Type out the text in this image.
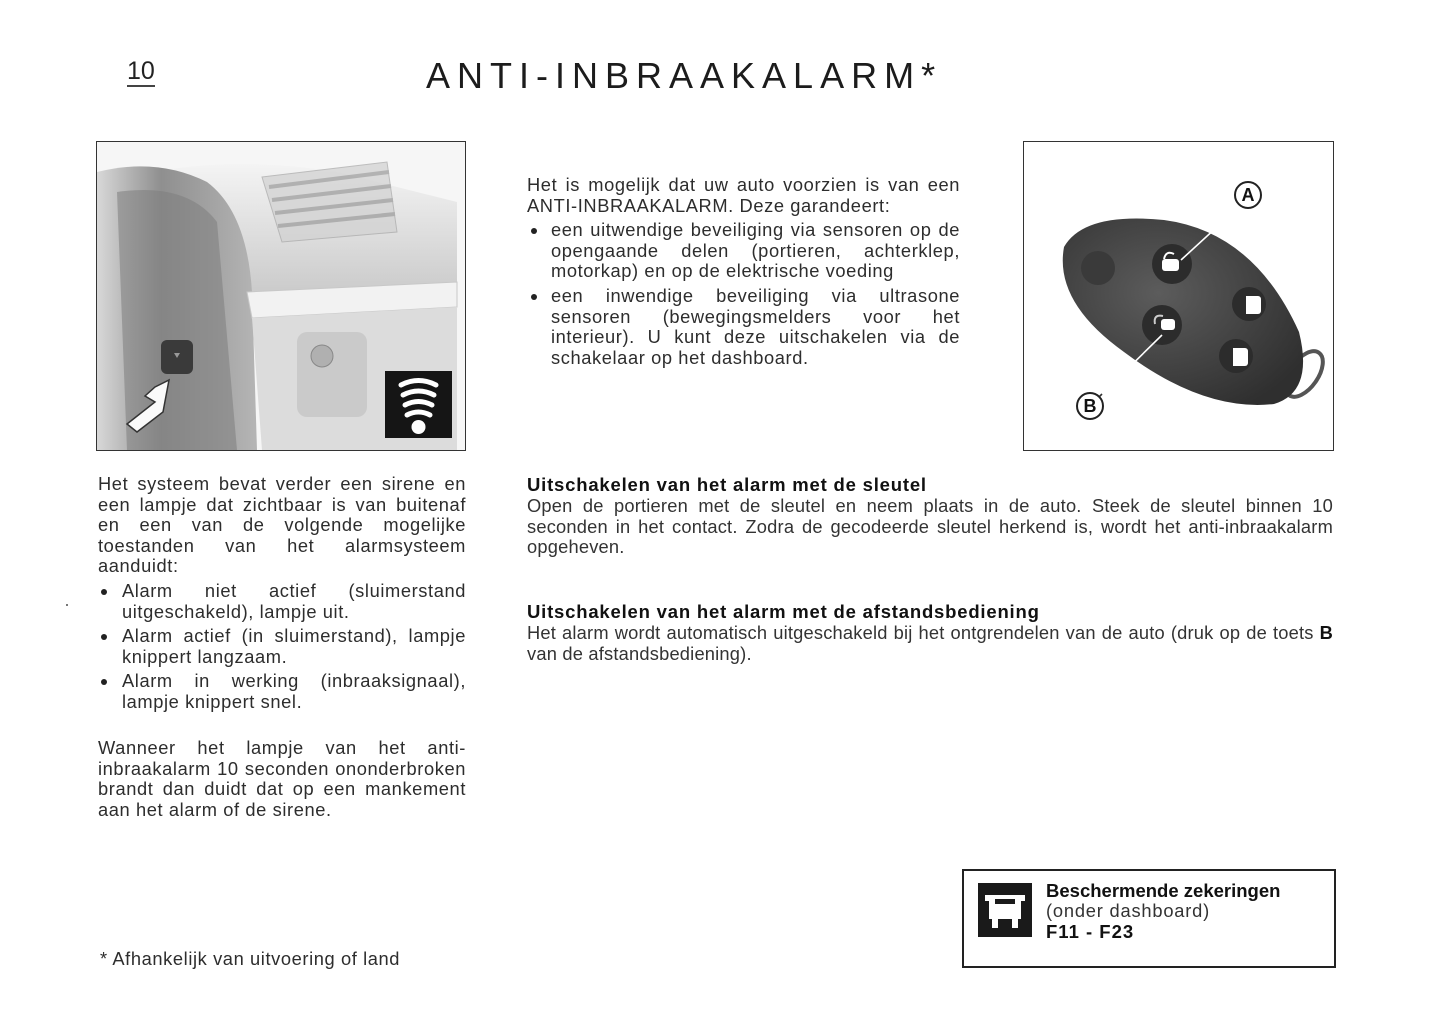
10	ANTI-INBRAAKALARM*

Het is mogelijk dat uw auto voorzien is van een ANTI-INBRAAKALARM. Deze garandeert:

een uitwendige beveiliging via sensoren op de opengaande delen (portieren, achterklep, motorkap) en op de elektrische voeding
een inwendige beveiliging via ultrasone sensoren (bewegingsmelders voor het interieur). U kunt deze uitschakelen via de schakelaar op het dashboard.
A
B

Het systeem bevat verder een sirene en een lampje dat zichtbaar is van buitenaf en een van de volgende mogelijke toestanden van het alarmsysteem aanduidt:

Alarm niet actief (sluimerstand uitgeschakeld), lampje uit.
Alarm actief (in sluimerstand), lampje knippert langzaam.
Alarm in werking (inbraaksignaal), lampje knippert snel.
Wanneer het lampje van het anti-inbraakalarm 10 seconden ononderbroken brandt dan duidt dat op een mankement aan het alarm of de sirene.
* Afhankelijk van uitvoering of land
Uitschakelen van het alarm met de sleutel

Open de portieren met de sleutel en neem plaats in de auto. Steek de sleutel binnen 10 seconden in het contact. Zodra de gecodeerde sleutel herkend is, wordt het anti-inbraakalarm opgeheven.

Uitschakelen van het alarm met de afstandsbediening

Het alarm wordt automatisch uitgeschakeld bij het ontgrendelen van de auto (druk op de toets B van de afstandsbediening).

Beschermende zekeringen
(onder dashboard)
F11 - F23
